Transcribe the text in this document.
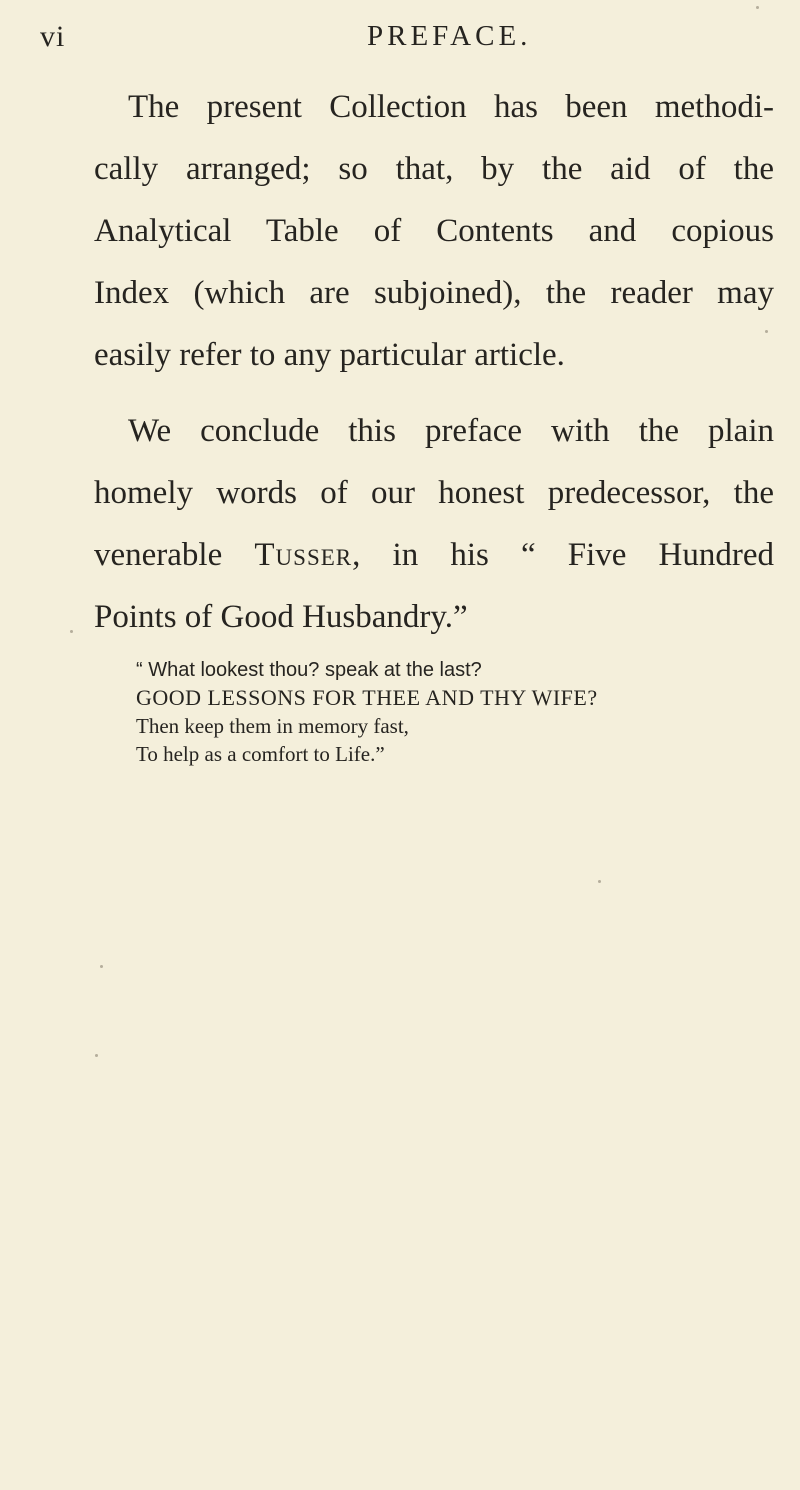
vi	PREFACE.

The present Collection has been methodi-
cally arranged; so that, by the aid of the
Analytical Table of Contents and copious
Index (which are subjoined), the reader may
easily refer to any particular article.

We conclude this preface with the plain
homely words of our honest predecessor, the
venerable Tusser, in his “ Five Hundred
Points of Good Husbandry.”

“ What lookest thou? speak at the last?
GOOD LESSONS FOR THEE AND THY WIFE?
Then keep them in memory fast,
To help as a comfort to Life.”
